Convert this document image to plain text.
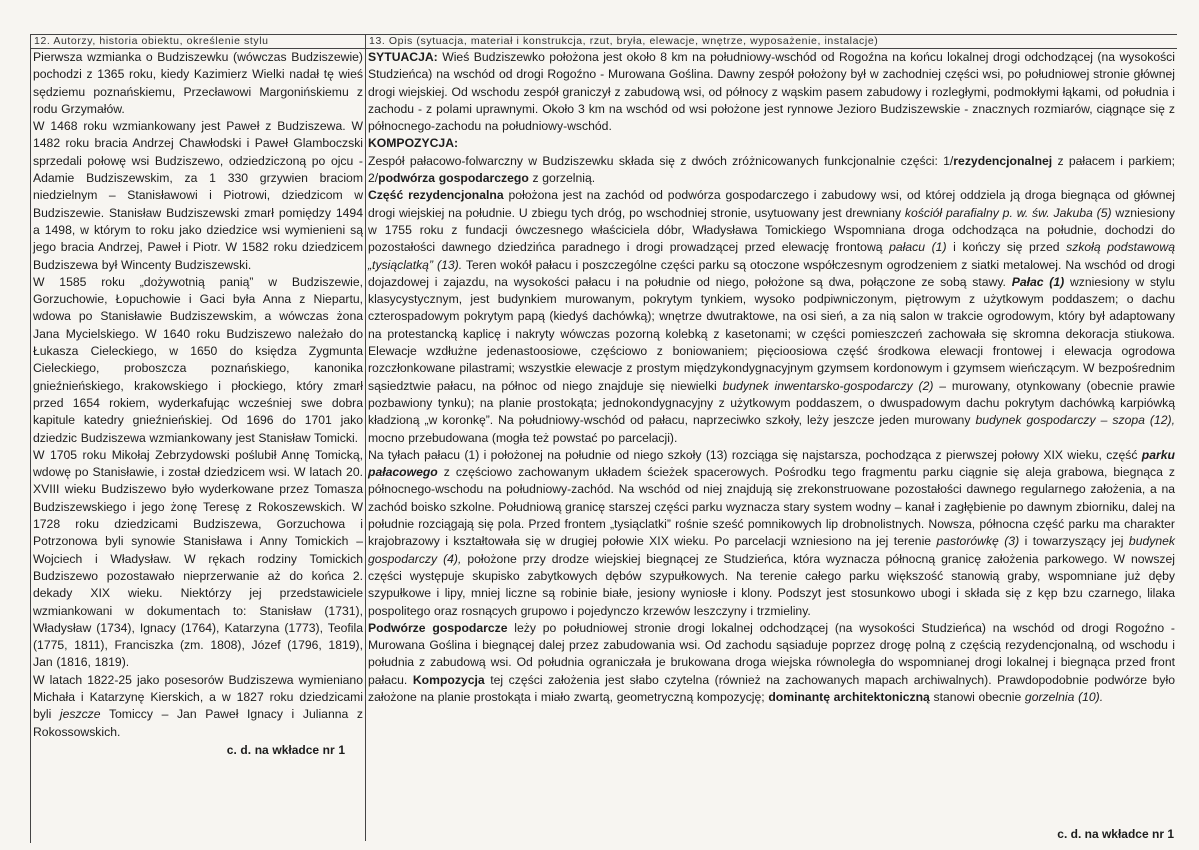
12. Autorzy, historia obiektu, określenie stylu

Pierwsza wzmianka o Budziszewku (wówczas Budziszewie) pochodzi z 1365 roku, kiedy Kazimierz Wielki nadał tę wieś sędziemu poznańskiemu, Przecławowi Margonińskiemu z rodu Grzymałów.

W 1468 roku wzmiankowany jest Paweł z Budziszewa. W 1482 roku bracia Andrzej Chawłodski i Paweł Glamboczski sprzedali połowę wsi Budziszewo, odziedziczoną po ojcu - Adamie Budziszewskim, za 1 330 grzywien braciom niedzielnym – Stanisławowi i Piotrowi, dziedzicom w Budziszewie. Stanisław Budziszewski zmarł pomiędzy 1494 a 1498, w którym to roku jako dziedzice wsi wymienieni są jego bracia Andrzej, Paweł i Piotr. W 1582 roku dziedzicem Budziszewa był Wincenty Budziszewski.

W 1585 roku „dożywotnią panią” w Budziszewie, Gorzuchowie, Łopuchowie i Gaci była Anna z Niepartu, wdowa po Stanisławie Budziszewskim, a wówczas żona Jana Mycielskiego. W 1640 roku Budziszewo należało do Łukasza Cieleckiego, w 1650 do księdza Zygmunta Cieleckiego, proboszcza poznańskiego, kanonika gnieźnieńskiego, krakowskiego i płockiego, który zmarł przed 1654 rokiem, wyderkafując wcześniej swe dobra kapitule katedry gnieźnieńskiej. Od 1696 do 1701 jako dziedzic Budziszewa wzmiankowany jest Stanisław Tomicki.

W 1705 roku Mikołaj Zebrzydowski poślubił Annę Tomicką, wdowę po Stanisławie, i został dziedzicem wsi. W latach 20. XVIII wieku Budziszewo było wyderkowane przez Tomasza Budziszewskiego i jego żonę Teresę z Rokoszewskich. W 1728 roku dziedzicami Budziszewa, Gorzuchowa i Potrzonowa byli synowie Stanisława i Anny Tomickich – Wojciech i Władysław. W rękach rodziny Tomickich Budziszewo pozostawało nieprzerwanie aż do końca 2. dekady XIX wieku. Niektórzy jej przedstawiciele wzmiankowani w dokumentach to: Stanisław (1731), Władysław (1734), Ignacy (1764), Katarzyna (1773), Teofila (1775, 1811), Franciszka (zm. 1808), Józef (1796, 1819), Jan (1816, 1819).

W latach 1822-25 jako posesorów Budziszewa wymieniano Michała i Katarzynę Kierskich, a w 1827 roku dziedzicami byli jeszcze Tomiccy – Jan Paweł Ignacy i Julianna z Rokossowskich.

c. d. na wkładce nr 1
13. Opis (sytuacja, materiał i konstrukcja, rzut, bryła, elewacje, wnętrze, wyposażenie, instalacje)

SYTUACJA: Wieś Budziszewko położona jest około 8 km na południowy-wschód od Rogoźna na końcu lokalnej drogi odchodzącej (na wysokości Studzieńca) na wschód od drogi Rogoźno - Murowana Goślina. Dawny zespół położony był w zachodniej części wsi, po południowej stronie głównej drogi wiejskiej. Od wschodu zespół graniczył z zabudową wsi, od północy z wąskim pasem zabudowy i rozległymi, podmokłymi łąkami, od południa i zachodu - z polami uprawnymi. Około 3 km na wschód od wsi położone jest rynnowe Jezioro Budziszewskie - znacznych rozmiarów, ciągnące się z północnego-zachodu na południowy-wschód.

KOMPOZYCJA:

Zespół pałacowo-folwarczny w Budziszewku składa się z dwóch zróżnicowanych funkcjonalnie części: 1/rezydencjonalnej z pałacem i parkiem; 2/podwórza gospodarczego z gorzelnią.

Część rezydencjonalna położona jest na zachód od podwórza gospodarczego i zabudowy wsi, od której oddziela ją droga biegnąca od głównej drogi wiejskiej na południe. U zbiegu tych dróg, po wschodniej stronie, usytuowany jest drewniany kościół parafialny p. w. św. Jakuba (5) wzniesiony w 1755 roku z fundacji ówczesnego właściciela dóbr, Władysława Tomickiego Wspomniana droga odchodząca na południe, dochodzi do pozostałości dawnego dziedzińca paradnego i drogi prowadzącej przed elewację frontową pałacu (1) i kończy się przed szkołą podstawową „tysiąclatką” (13). Teren wokół pałacu i poszczególne części parku są otoczone współczesnym ogrodzeniem z siatki metalowej. Na wschód od drogi dojazdowej i zajazdu, na wysokości pałacu i na południe od niego, położone są dwa, połączone ze sobą stawy. Pałac (1) wzniesiony w stylu klasycystycznym, jest budynkiem murowanym, pokrytym tynkiem, wysoko podpiwniczonym, piętrowym z użytkowym poddaszem; o dachu czterospadowym pokrytym papą (kiedyś dachówką); wnętrze dwutraktowe, na osi sień, a za nią salon w trakcie ogrodowym, który był adaptowany na protestancką kaplicę i nakryty wówczas pozorną kolebką z kasetonami; w części pomieszczeń zachowała się skromna dekoracja stiukowa. Elewacje wzdłużne jedenastoosiowe, częściowo z boniowaniem; pięcioosiowa część środkowa elewacji frontowej i elewacja ogrodowa rozczłonkowane pilastrami; wszystkie elewacje z prostym międzykondygnacyjnym gzymsem kordonowym i gzymsem wieńczącym. W bezpośrednim sąsiedztwie pałacu, na północ od niego znajduje się niewielki budynek inwentarsko-gospodarczy (2) – murowany, otynkowany (obecnie prawie pozbawiony tynku); na planie prostokąta; jednokondygnacyjny z użytkowym poddaszem, o dwuspadowym dachu pokrytym dachówką karpiówką kładzioną „w koronkę”. Na południowy-wschód od pałacu, naprzeciwko szkoły, leży jeszcze jeden murowany budynek gospodarczy – szopa (12), mocno przebudowana (mogła też powstać po parcelacji).

Na tyłach pałacu (1) i położonej na południe od niego szkoły (13) rozciąga się najstarsza, pochodząca z pierwszej połowy XIX wieku, część parku pałacowego z częściowo zachowanym układem ścieżek spacerowych. Pośrodku tego fragmentu parku ciągnie się aleja grabowa, biegnąca z północnego-wschodu na południowy-zachód. Na wschód od niej znajdują się zrekonstruowane pozostałości dawnego regularnego założenia, a na zachód boisko szkolne. Południową granicę starszej części parku wyznacza stary system wodny – kanał i zagłębienie po dawnym zbiorniku, dalej na południe rozciągają się pola. Przed frontem „tysiąclatki” rośnie sześć pomnikowych lip drobnolistnych. Nowsza, północna część parku ma charakter krajobrazowy i kształtowała się w drugiej połowie XIX wieku. Po parcelacji wzniesiono na jej terenie pastorówkę (3) i towarzyszący jej budynek gospodarczy (4), położone przy drodze wiejskiej biegnącej ze Studzieńca, która wyznacza północną granicę założenia parkowego. W nowszej części występuje skupisko zabytkowych dębów szypułkowych. Na terenie całego parku większość stanowią graby, wspomniane już dęby szypułkowe i lipy, mniej liczne są robinie białe, jesiony wyniosłe i klony. Podszyt jest stosunkowo ubogi i składa się z kęp bzu czarnego, lilaka pospolitego oraz rosnących grupowo i pojedynczo krzewów leszczyny i trzmieliny.

Podwórze gospodarcze leży po południowej stronie drogi lokalnej odchodzącej (na wysokości Studzieńca) na wschód od drogi Rogoźno - Murowana Goślina i biegnącej dalej przez zabudowania wsi. Od zachodu sąsiaduje poprzez drogę polną z częścią rezydencjonalną, od wschodu i południa z zabudową wsi. Od południa ograniczała je brukowana droga wiejska równoległa do wspomnianej drogi lokalnej i biegnąca przed front pałacu. Kompozycja tej części założenia jest słabo czytelna (również na zachowanych mapach archiwalnych). Prawdopodobnie podwórze było założone na planie prostokąta i miało zwartą, geometryczną kompozycję; dominantę architektoniczną stanowi obecnie gorzelnia (10).

c. d. na wkładce nr 1
